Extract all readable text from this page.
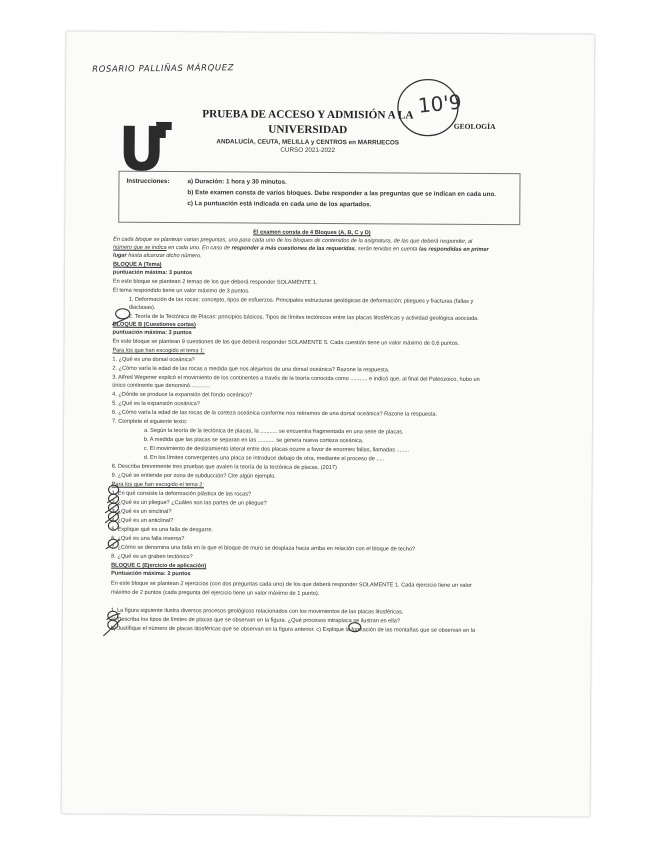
ROSARIO PALLIÑAS MÁRQUEZ
10'9
PRUEBA DE ACCESO Y ADMISIÓN A LA
UNIVERSIDAD
ANDALUCÍA, CEUTA, MELILLA y CENTROS en MARRUECOS
CURSO 2021-2022
GEOLOGÍA
Instrucciones:	a) Duración: 1 hora y 30 minutos.
b) Este examen consta de varios bloques. Debe responder a las preguntas que se indican en cada uno.
c) La puntuación está indicada en cada uno de los apartados.
El examen consta de 4 Bloques (A, B, C y D)
En cada bloque se plantean varias preguntas, una para cada uno de los bloques de contenidos de la asignatura, de las que deberá responder, al
número que se indica en cada uno. En caso de responder a más cuestiones de las requeridas, serán tenidas en cuenta las respondidas en primer
lugar hasta alcanzar dicho número.
BLOQUE A (Tema)
puntuación máxima: 3 puntos
En este bloque se plantean 2 temas de los que deberá responder SOLAMENTE 1.
El tema respondido tiene un valor máximo de 3 puntos.
1. Deformación de las rocas: concepto, tipos de esfuerzos. Principales estructuras geológicas de deformación: pliegues y fracturas (fallas y
diaclasas).
2. Teoría de la Tectónica de Placas: principios básicos. Tipos de límites tectónicos entre las placas litosféricas y actividad geológica asociada.
BLOQUE B (Cuestiones cortas)
puntuación máxima: 3 puntos
En este bloque se plantean 9 cuestiones de las que deberá responder SOLAMENTE 5. Cada cuestión tiene un valor máximo de 0,6 puntos.
Para los que han escogido el tema 1:
1. ¿Qué es una dorsal oceánica?
2. ¿Cómo varía la edad de las rocas a medida que nos alejamos de una dorsal oceánica? Razone la respuesta.
3. Alfred Wegener explicó el movimiento de los continentes a través de la teoría conocida como ........... e indicó que, al final del Paleozoico, hubo un
único continente que denominó.............
4. ¿Dónde se produce la expansión del fondo oceánico?
5. ¿Qué es la expansión oceánica?
6. ¿Cómo varía la edad de las rocas de la corteza oceánica conforme nos retiramos de una dorsal oceánica? Razone la respuesta.
7. Complete el siguiente texto:
a. Según la teoría de la tectónica de placas, la ........... se encuentra fragmentada en una serie de placas.
b. A medida que las placas se separan en las ........... se genera nueva corteza oceánica.
c. El movimiento de deslizamiento lateral entre dos placas ocurre a favor de enormes fallas, llamadas ........
d. En los límites convergentes una placa se introduce debajo de otra, mediante el proceso de .....
8. Describa brevemente tres pruebas que avalen la teoría de la tectónica de placas. (2017)
9. ¿Qué se entiende por zona de subducción? Cite algún ejemplo.
Para los que han escogido el tema 2:
1. En qué consiste la deformación plástica de las rocas?
2. ¿Qué es un pliegue? ¿Cuáles son las partes de un pliegue?
3. ¿Qué es un sinclinal?
4. ¿Qué es un anticlinal?
5. Explique qué es una falla de desgarre.
6. ¿Qué es una falla inversa?
7. ¿Cómo se denomina una falla en la que el bloque de muro se desplaza hacia arriba en relación con el bloque de techo?
8. ¿Qué es un graben tectónico?
BLOQUE C (Ejercicio de aplicación)
Puntuación máxima: 2 puntos
En este bloque se plantean 2 ejercicios (con dos preguntas cada uno) de los que deberá responder SOLAMENTE 1. Cada ejercicio tiene un valor
máximo de 2 puntos (cada pregunta del ejercicio tiene un valor máximo de 1 punto).
1. La figura siguiente ilustra diversos procesos geológicos relacionados con los movimientos de las placas litosféricas.
a) Describa los tipos de límites de placas que se observan en la figura. ¿Qué procesos intraplaca se ilustran en ella?
b) Justifique el número de placas litosféricas que se observan en la figura anterior. c) Explique la formación de las montañas que se observan en la
